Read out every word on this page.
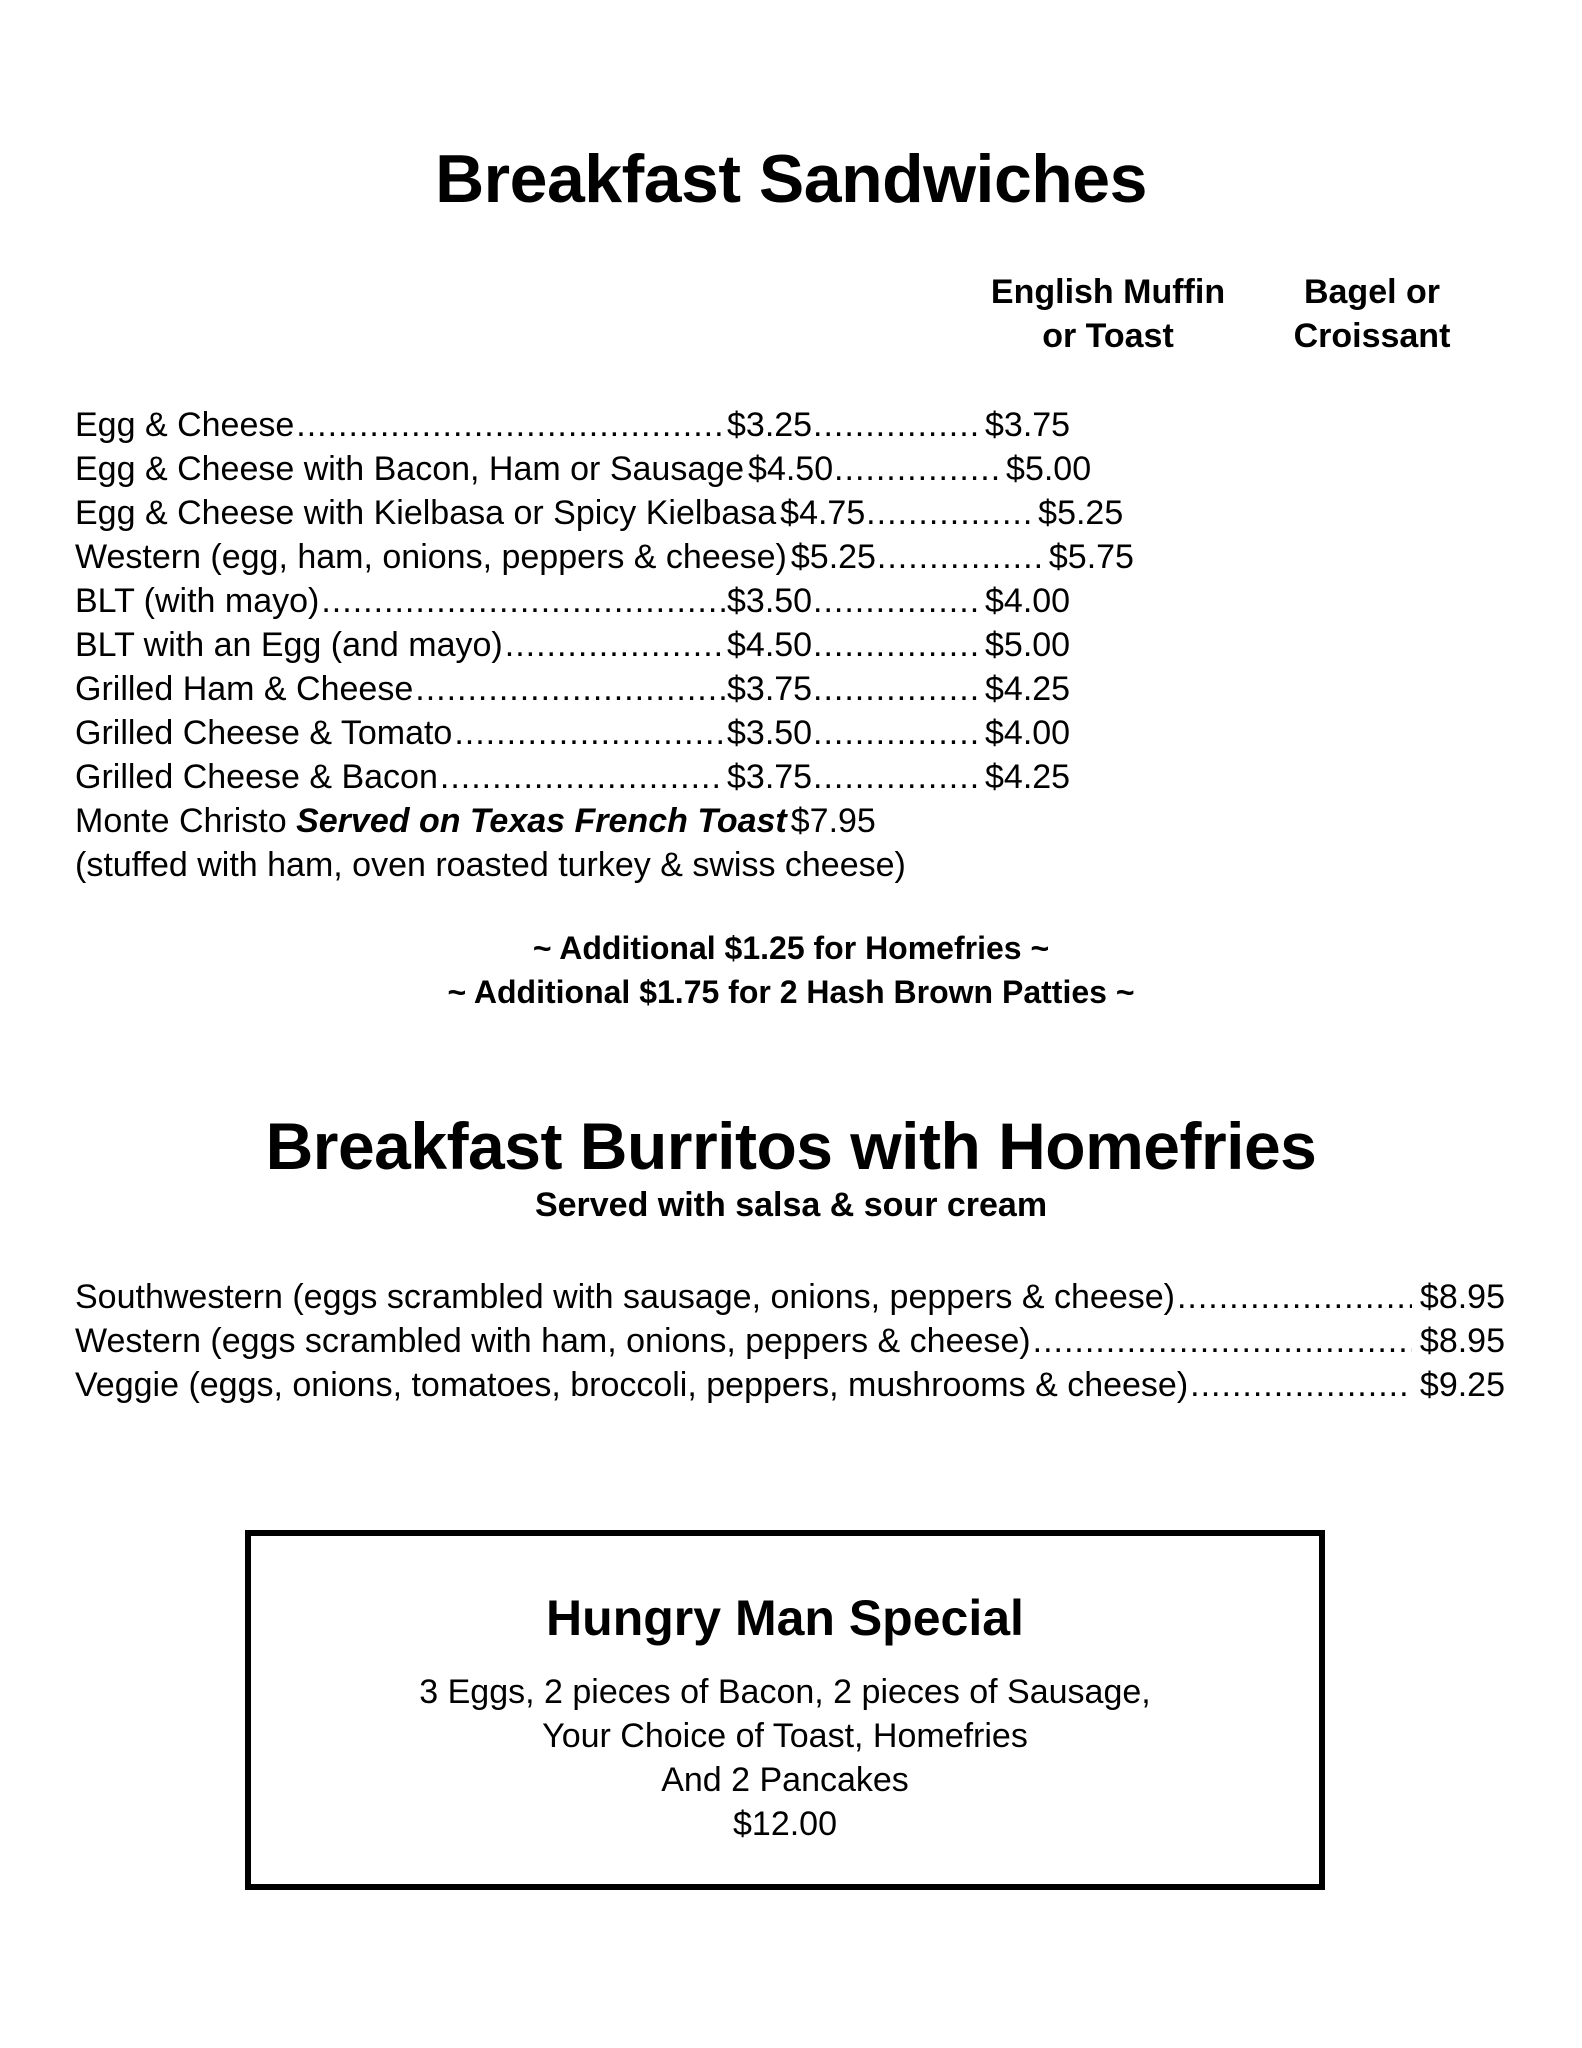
Breakfast Sandwiches
English Muffin
or Toast
Bagel or
Croissant
Egg & Cheese .....	$3.25 .....	$3.75
Egg & Cheese with Bacon, Ham or Sausage $4.50 .....	$5.00
Egg & Cheese with Kielbasa or Spicy Kielbasa $4.75 .....	$5.25
Western (egg, ham, onions, peppers & cheese) $5.25 .....	$5.75
BLT (with mayo) .....	$3.50 .....	$4.00
BLT with an Egg (and mayo) .....	$4.50 .....	$5.00
Grilled Ham & Cheese .....	$3.75 .....	$4.25
Grilled Cheese & Tomato .....	$3.50 .....	$4.00
Grilled Cheese & Bacon .....	$3.75 .....	$4.25
Monte Christo Served on Texas French Toast $7.95
(stuffed with ham, oven roasted turkey & swiss cheese)
~ Additional $1.25 for Homefries ~
~ Additional $1.75 for 2 Hash Brown Patties ~
Breakfast Burritos with Homefries
Served with salsa & sour cream
Southwestern (eggs scrambled with sausage, onions, peppers & cheese) .....	$8.95
Western (eggs scrambled with ham, onions, peppers & cheese) .....	$8.95
Veggie (eggs, onions, tomatoes, broccoli, peppers, mushrooms & cheese) .....	$9.25
Hungry Man Special
3 Eggs, 2 pieces of Bacon, 2 pieces of Sausage,
Your Choice of Toast, Homefries
And 2 Pancakes
$12.00
